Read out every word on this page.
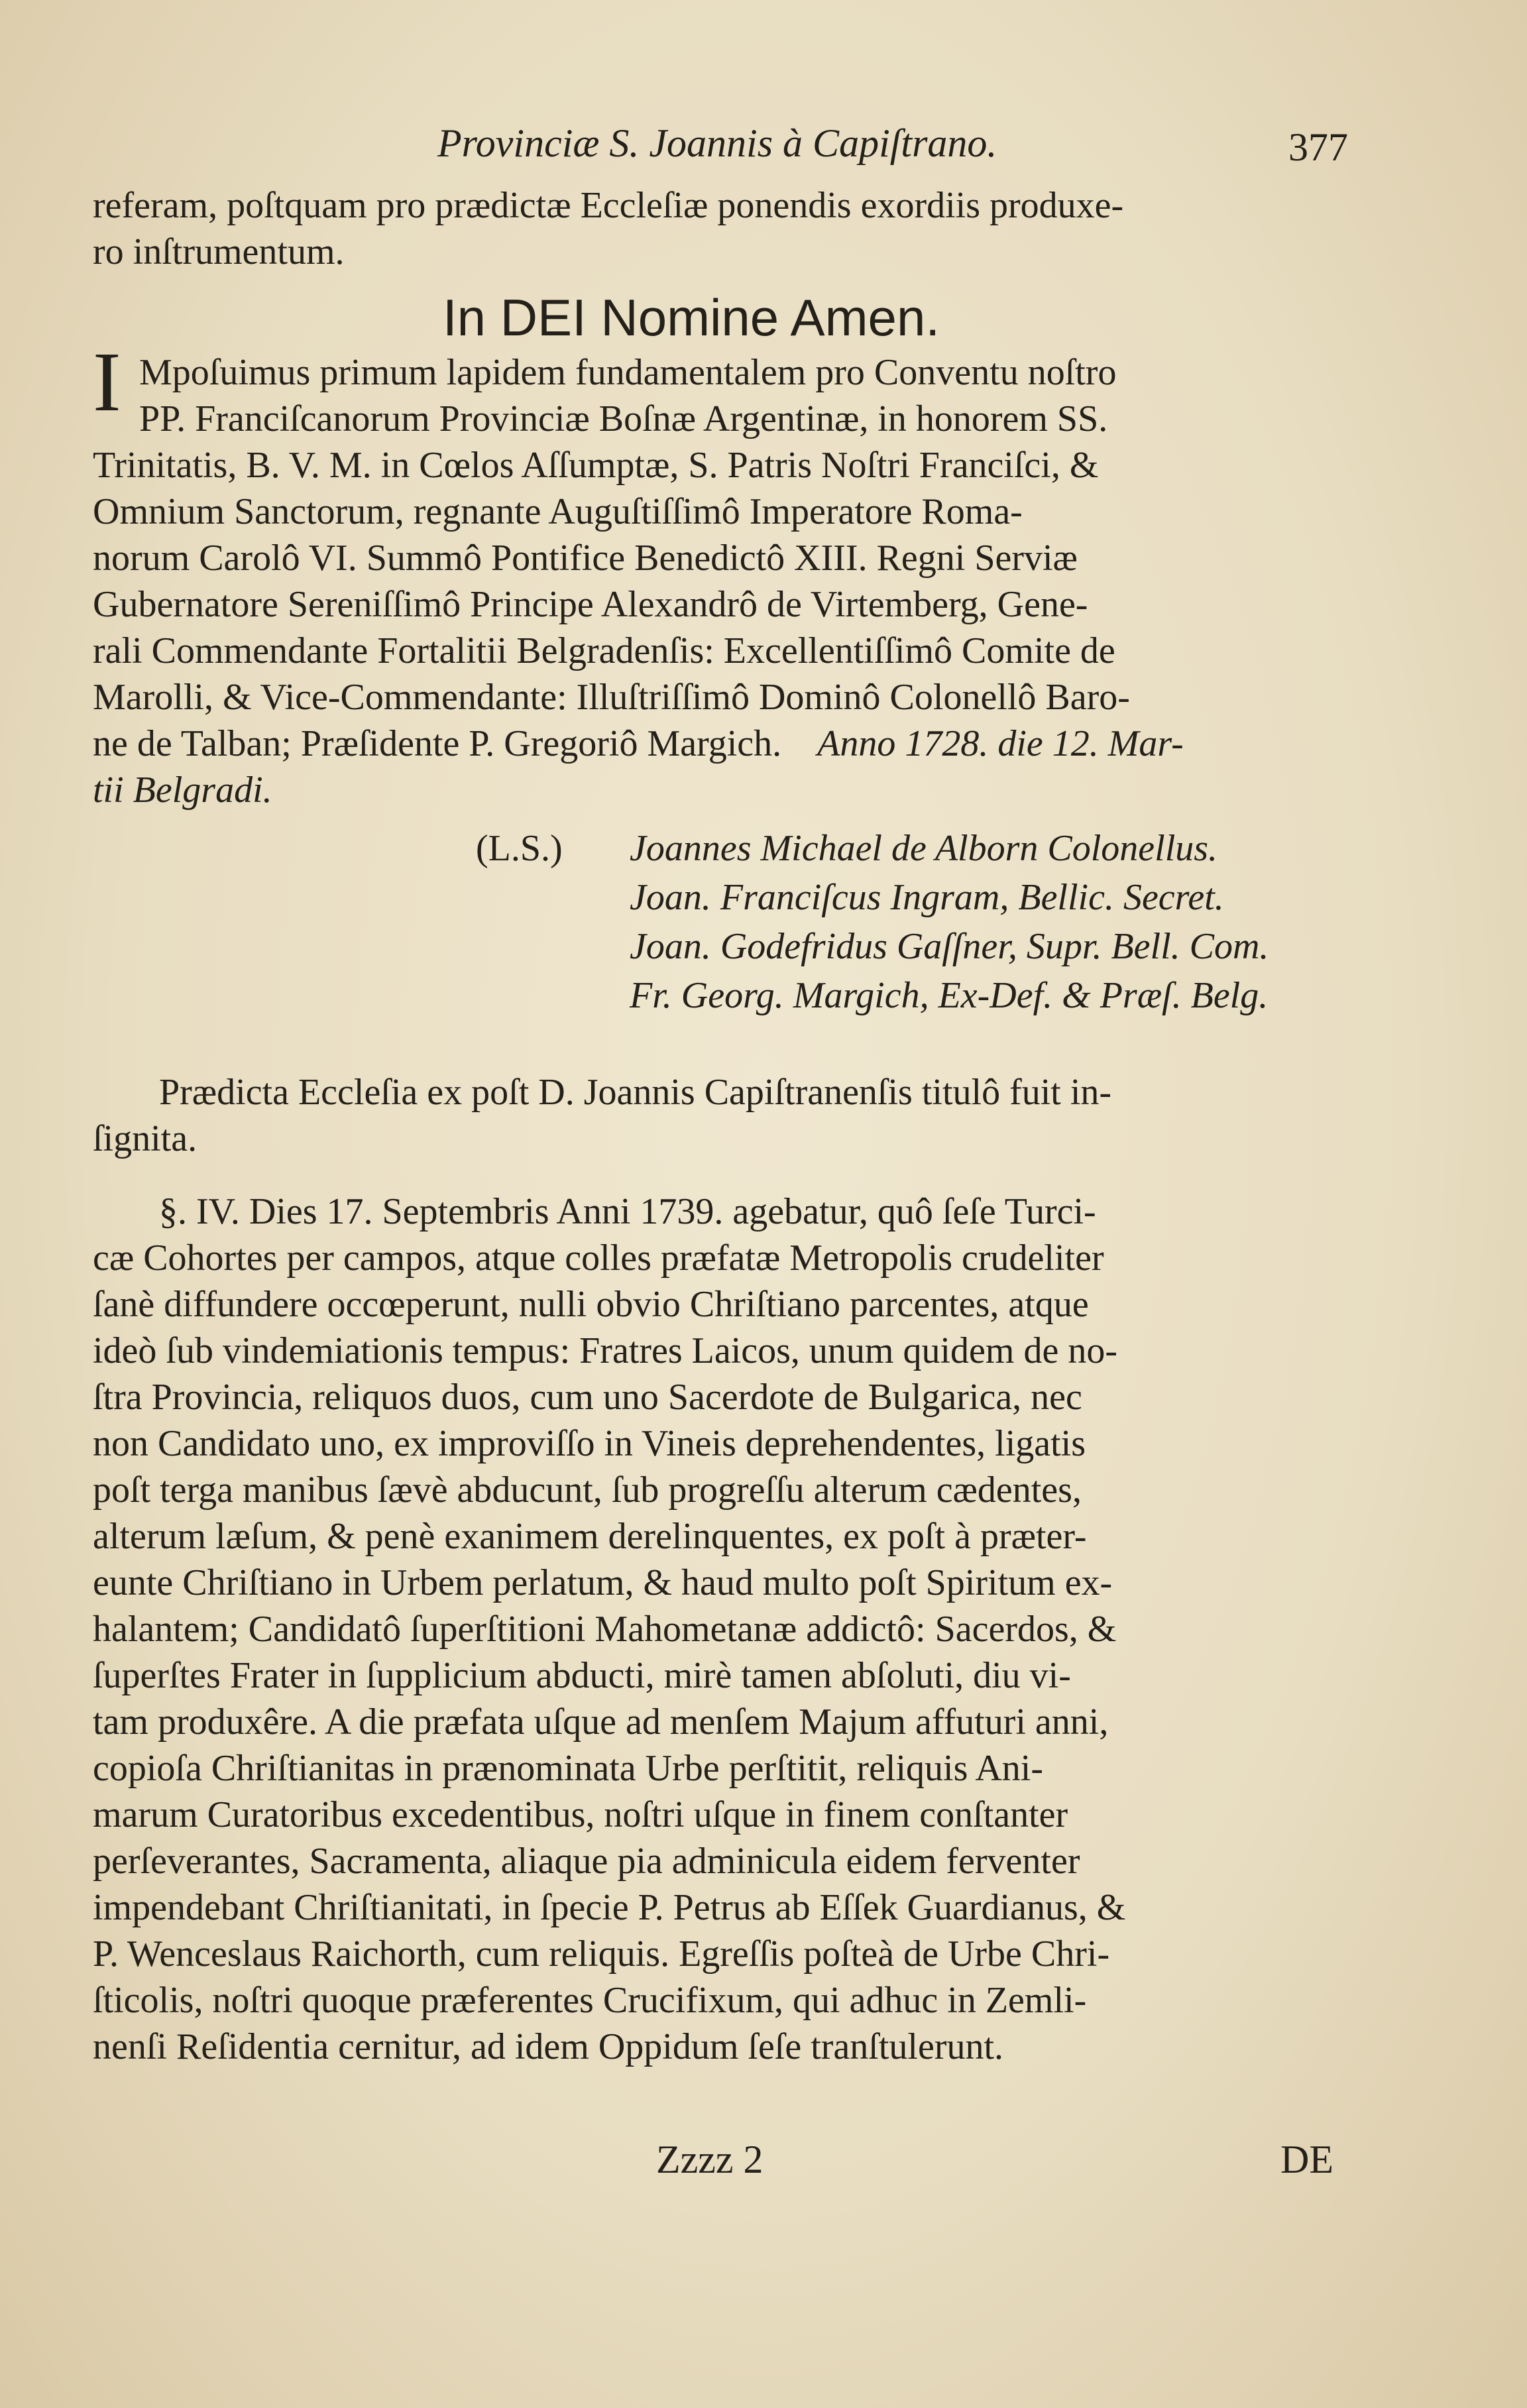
Provinciæ S. Joannis à Capiſtrano.	377
referam, poſtquam pro prædictæ Eccleſiæ ponendis exordiis produxe-
ro inſtrumentum.
In DEI Nomine Amen.
I Mpoſuimus primum lapidem fundamentalem pro Conventu noſtro
PP. Franciſcanorum Provinciæ Boſnæ Argentinæ, in honorem SS.
Trinitatis, B. V. M. in Cœlos Aſſumptæ, S. Patris Noſtri Franciſci, &
Omnium Sanctorum, regnante Auguſtiſſimô Imperatore Roma-
norum Carolô VI. Summô Pontifice Benedictô XIII. Regni Serviæ
Gubernatore Sereniſſimô Principe Alexandrô de Virtemberg, Gene-
rali Commendante Fortalitii Belgradenſis: Excellentiſſimô Comite de
Marolli, & Vice-Commendante: Illuſtriſſimô Dominô Colonellô Baro-
ne de Talban; Præſidente P. Gregoriô Margich. Anno 1728. die 12. Mar-
tii Belgradi.
(L.S.) Joannes Michael de Alborn Colonellus.
Joan. Franciſcus Ingram, Bellic. Secret.
Joan. Godefridus Gaſſner, Supr. Bell. Com.
Fr. Georg. Margich, Ex-Def. & Præſ. Belg.
Prædicta Eccleſia ex poſt D. Joannis Capiſtranenſis titulô fuit in-
ſignita.
§. IV. Dies 17. Septembris Anni 1739. agebatur, quô ſeſe Turci-
cæ Cohortes per campos, atque colles præfatæ Metropolis crudeliter
ſanè diffundere occœperunt, nulli obvio Chriſtiano parcentes, atque
ideò ſub vindemiationis tempus: Fratres Laicos, unum quidem de no-
ſtra Provincia, reliquos duos, cum uno Sacerdote de Bulgarica, nec
non Candidato uno, ex improviſſo in Vineis deprehendentes, ligatis
poſt terga manibus ſævè abducunt, ſub progreſſu alterum cædentes,
alterum læſum, & penè exanimem derelinquentes, ex poſt à præter-
eunte Chriſtiano in Urbem perlatum, & haud multo poſt Spiritum ex-
halantem; Candidatô ſuperſtitioni Mahometanæ addictô: Sacerdos, &
ſuperſtes Frater in ſupplicium abducti, mirè tamen abſoluti, diu vi-
tam produxêre. A die præfata uſque ad menſem Majum affuturi anni,
copioſa Chriſtianitas in prænominata Urbe perſtitit, reliquis Ani-
marum Curatoribus excedentibus, noſtri uſque in finem conſtanter
perſeverantes, Sacramenta, aliaque pia adminicula eidem ferventer
impendebant Chriſtianitati, in ſpecie P. Petrus ab Eſſek Guardianus, &
P. Wenceslaus Raichorth, cum reliquis. Egreſſis poſteà de Urbe Chri-
ſticolis, noſtri quoque præferentes Crucifixum, qui adhuc in Zemli-
nenſi Reſidentia cernitur, ad idem Oppidum ſeſe tranſtulerunt.
Zzzz 2	DE
